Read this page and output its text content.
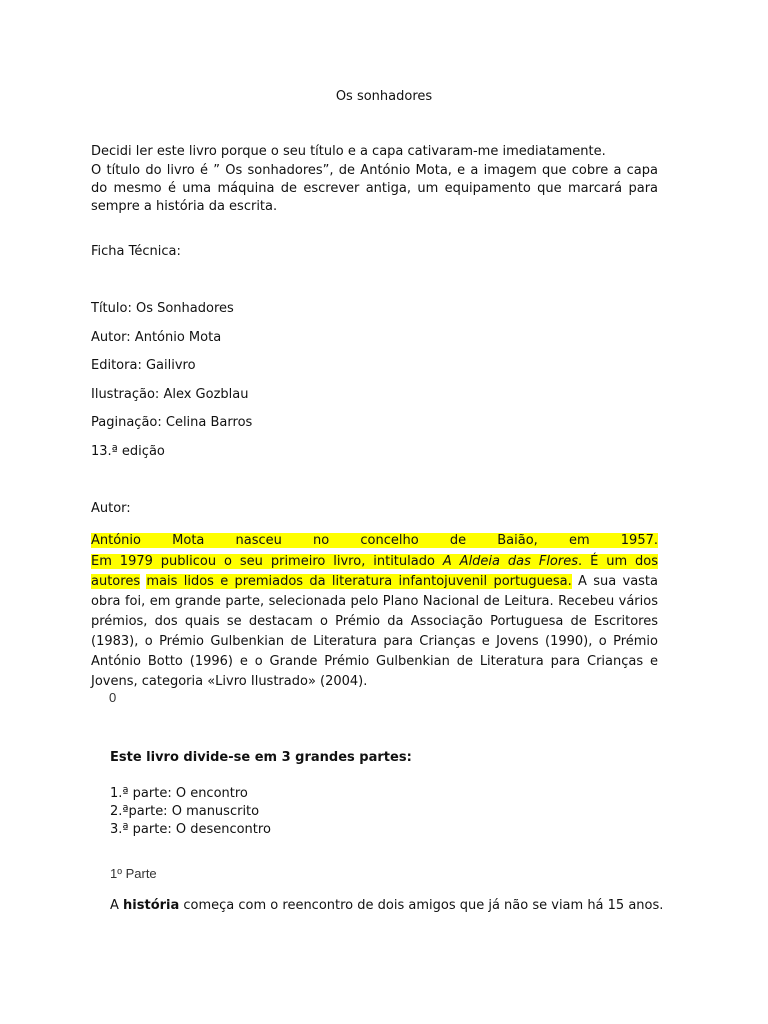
Os sonhadores
Decidi ler este livro porque o seu título e a capa cativaram-me imediatamente.
O título do livro é ” Os sonhadores”, de António Mota, e a imagem que cobre a capa do mesmo é uma máquina de escrever antiga, um equipamento que marcará para sempre a história da escrita.
Ficha Técnica:
Título: Os Sonhadores
Autor: António Mota
Editora: Gailivro
Ilustração: Alex Gozblau
Paginação: Celina Barros
13.ª edição
Autor:
António Mota nasceu no concelho de Baião, em 1957.
Em 1979 publicou o seu primeiro livro, intitulado A Aldeia das Flores. É um dos autores mais lidos e premiados da literatura infantojuvenil portuguesa. A sua vasta obra foi, em grande parte, selecionada pelo Plano Nacional de Leitura. Recebeu vários prémios, dos quais se destacam o Prémio da Associação Portuguesa de Escritores (1983), o Prémio Gulbenkian de Literatura para Crianças e Jovens (1990), o Prémio António Botto (1996) e o Grande Prémio Gulbenkian de Literatura para Crianças e Jovens, categoria «Livro Ilustrado» (2004).
0
Este livro divide-se em 3 grandes partes:
1.ª parte: O encontro
2.ªparte: O manuscrito
3.ª parte: O desencontro
1º Parte
A história começa com o reencontro de dois amigos que já não se viam há 15 anos.
